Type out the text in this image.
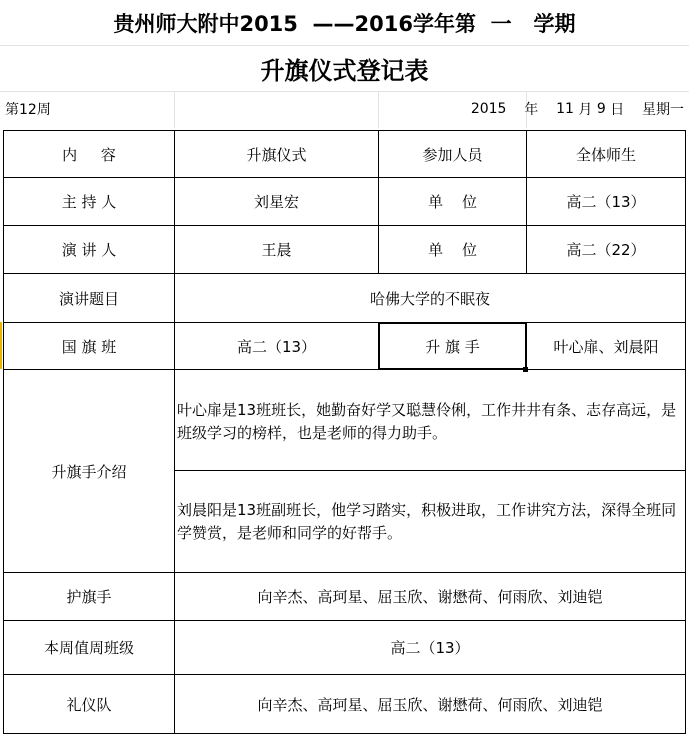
贵州师大附中2015  ——2016学年第  一   学期
升旗仪式登记表
第12周	2015
年
11
月
9
日
星期一
内     容	升旗仪式	参加人员	全体师生
主 持 人	刘星宏	单    位	高二（13）
演 讲 人	王晨	单    位	高二（22）
演讲题目	哈佛大学的不眠夜
国 旗 班	高二（13）	升 旗 手	叶心扉、刘晨阳
升旗手介绍
叶心扉是13班班长，她勤奋好学又聪慧伶俐，工作井井有条、志存高远，是班级学习的榜样，也是老师的得力助手。
刘晨阳是13班副班长，他学习踏实，积极进取，工作讲究方法，深得全班同学赞赏，是老师和同学的好帮手。
护旗手	向辛杰、高珂星、屈玉欣、谢懋荷、何雨欣、刘迪铠
本周值周班级	高二（13）
礼仪队	向辛杰、高珂星、屈玉欣、谢懋荷、何雨欣、刘迪铠
